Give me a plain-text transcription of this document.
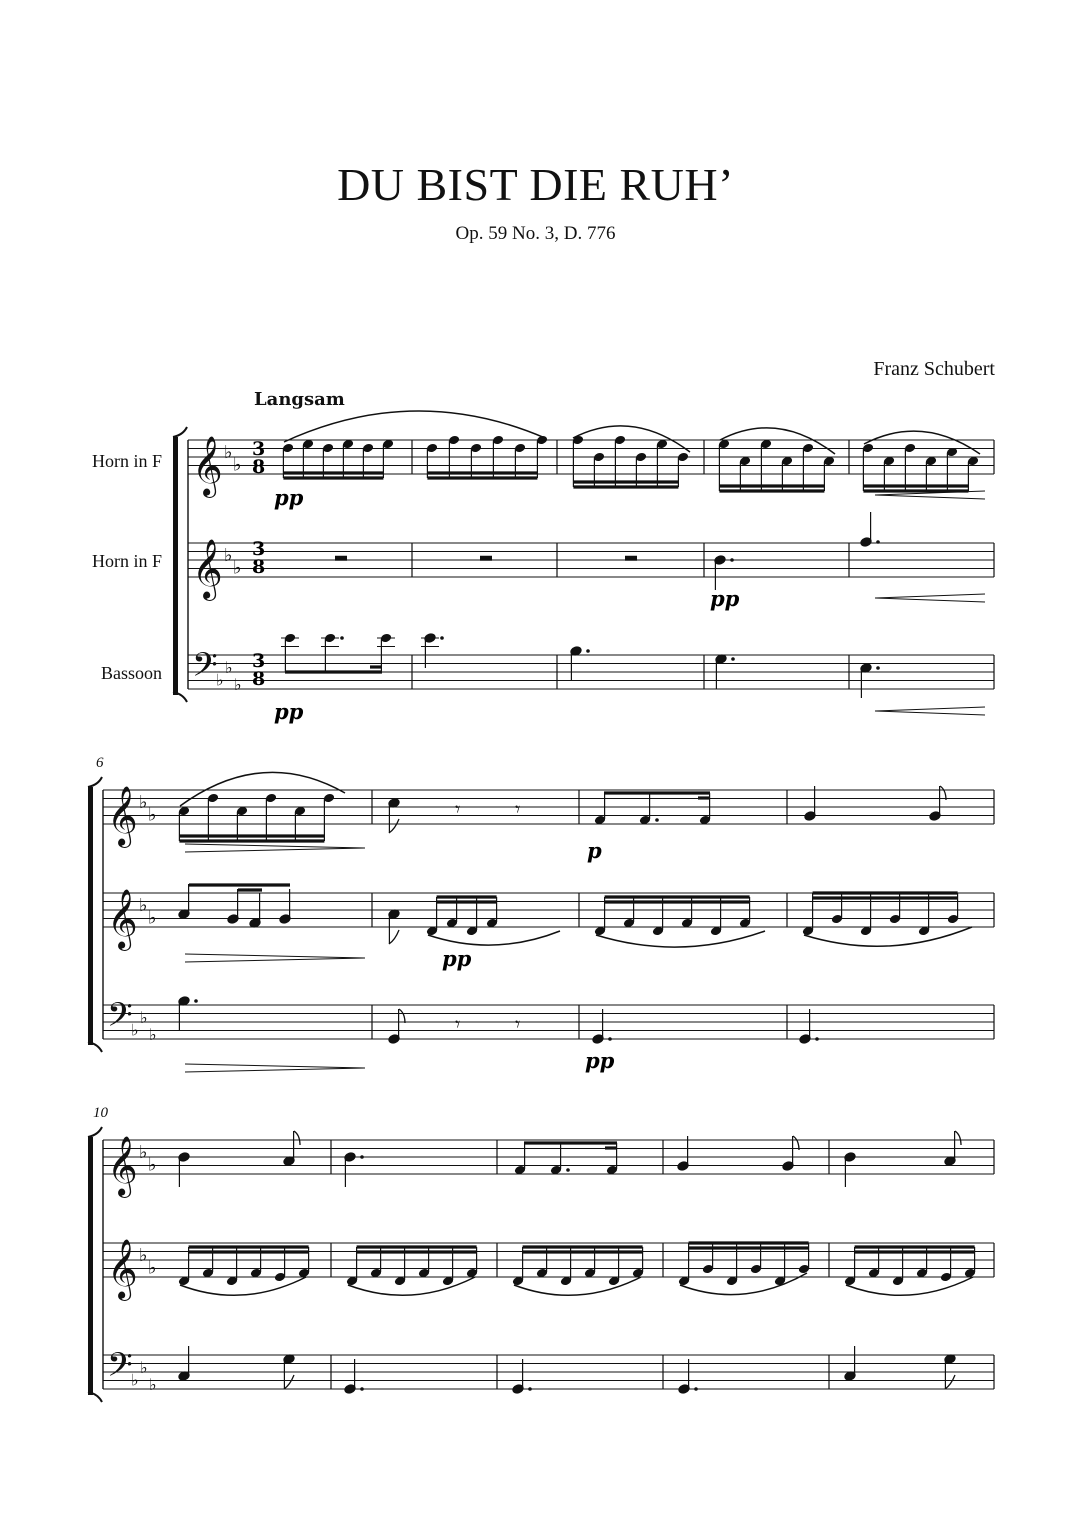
DU BIST DIE RUH’
Op. 59 No. 3, D. 776
Franz Schubert
Langsam
Horn in F
Horn in F
Bassoon
6
10
𝄞 ♭
♭
𝄞 ♭
♭
𝄢
♭
♭
♭
𝄞 ♭
♭
𝄞 ♭
♭
𝄢
♭
♭
♭
𝄞 ♭
♭
𝄞 ♭
♭
𝄢
♭
♭
♭
𝄾	𝄾
𝄾	𝄾
pp
pp
pp
p
pp
pp
3
8
3
8
3
8
